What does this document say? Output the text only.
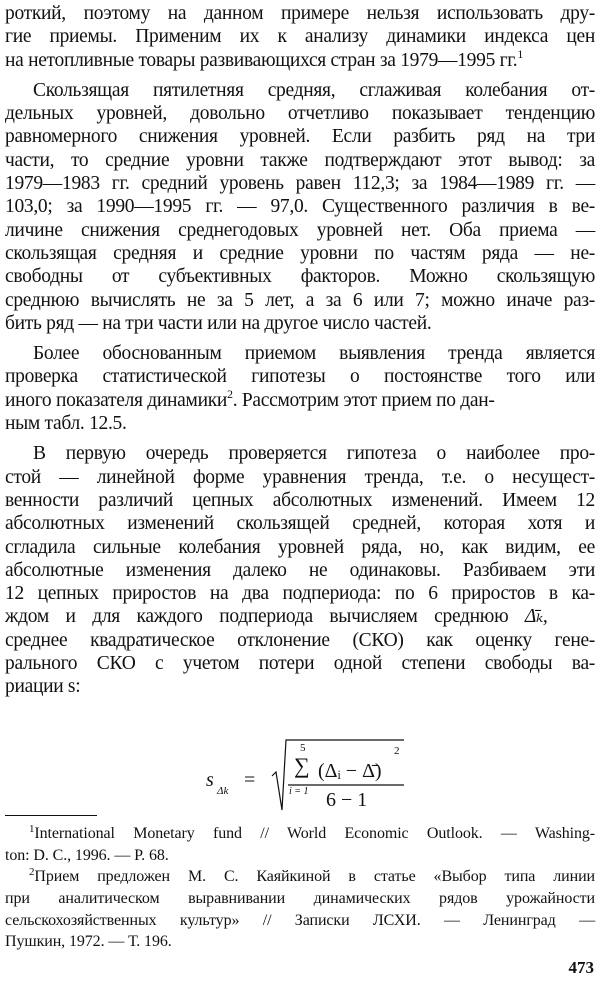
роткий, поэтому на данном примере нельзя использовать дру-
гие приемы. Применим их к анализу динамики индекса цен
на нетопливные товары развивающихся стран за 1979—1995 гг.$^1$
Скользящая пятилетняя средняя, сглаживая колебания от-
дельных уровней, довольно отчетливо показывает тенденцию
равномерного снижения уровней. Если разбить ряд на три
части, то средние уровни также подтверждают этот вывод: за
1979—1983 гг. средний уровень равен 112,3; за 1984—1989 гг. —
103,0; за 1990—1995 гг. — 97,0. Существенного различия в ве-
личине снижения среднегодовых уровней нет. Оба приема —
скользящая средняя и средние уровни по частям ряда — не-
свободны от субъективных факторов. Можно скользящую
среднюю вычислять не за 5 лет, а за 6 или 7; можно иначе раз-
бить ряд — на три части или на другое число частей.
Более обоснованным приемом выявления тренда является
проверка статистической гипотезы о постоянстве того или
иного показателя динамики$^2$. Рассмотрим этот прием по дан-
ным табл. 12.5.
В первую очередь проверяется гипотеза о наиболее про-
стой — линейной форме уравнения тренда, т.е. о несущест-
венности различий цепных абсолютных изменений. Имеем 12
абсолютных изменений скользящей средней, которая хотя и
сгладила сильные колебания уровней ряда, но, как видим, ее
абсолютные изменения далеко не одинаковы. Разбиваем эти
12 цепных приростов на два подпериода: по 6 приростов в ка-
ждом и для каждого подпериода вычисляем среднюю Δ̄ₖ,
среднее квадратическое отклонение (СКО) как оценку гене-
рального СКО с учетом потери одной степени свободы ва-
риации s:
s Δk =
5
∑
i = 1
(Δᵢ − Δ̄)
2
6 − 1
$^1$International Monetary fund // World Economic Outlook. — Washing-
ton: D. C., 1996. — P. 68.
$^2$Прием предложен М. С. Каяйкиной в статье «Выбор типа линии
при аналитическом выравнивании динамических рядов урожайности
сельскохозяйственных культур» // Записки ЛСХИ. — Ленинград —
Пушкин, 1972. — Т. 196.
473
